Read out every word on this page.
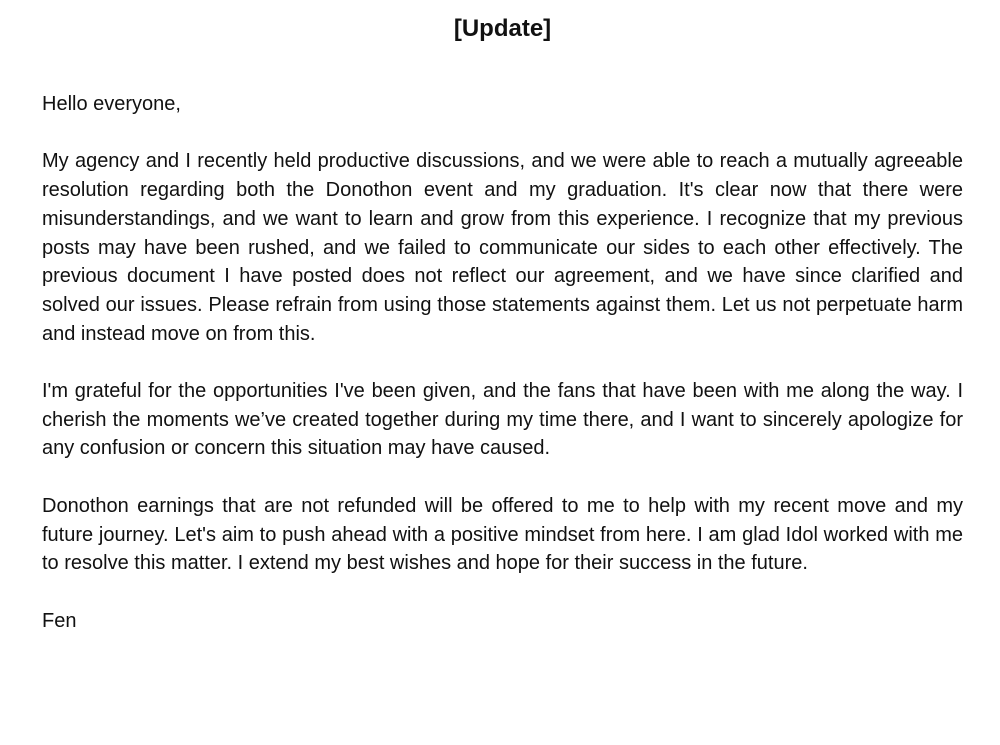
[Update]

Hello everyone,

My agency and I recently held productive discussions, and we were able to reach a mutually agreeable resolution regarding both the Donothon event and my graduation. It's clear now that there were misunderstandings, and we want to learn and grow from this experience. I recognize that my previous posts may have been rushed, and we failed to communicate our sides to each other effectively. The previous document I have posted does not reflect our agreement, and we have since clarified and solved our issues. Please refrain from using those statements against them. Let us not perpetuate harm and instead move on from this.

I'm grateful for the opportunities I've been given, and the fans that have been with me along the way. I cherish the moments we’ve created together during my time there, and I want to sincerely apologize for any confusion or concern this situation may have caused.

Donothon earnings that are not refunded will be offered to me to help with my recent move and my future journey. Let's aim to push ahead with a positive mindset from here. I am glad Idol worked with me to resolve this matter. I extend my best wishes and hope for their success in the future.

Fen
